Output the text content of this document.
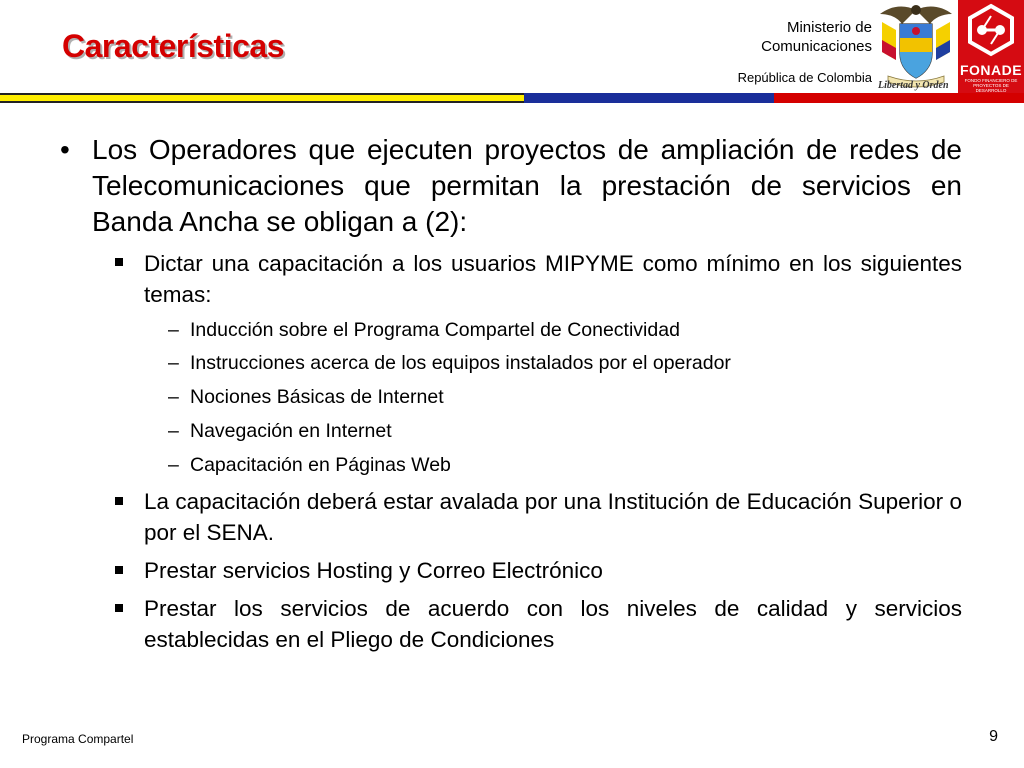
Características
Ministerio de
Comunicaciones
República de Colombia
Libertad y Orden
FONADE
FONDO FINANCIERO DE PROYECTOS DE DESARROLLO
• Los Operadores que ejecuten proyectos de ampliación de redes de Telecomunicaciones que permitan la prestación de servicios en Banda Ancha se obligan a (2):
Dictar una capacitación a los usuarios MIPYME como mínimo en los siguientes temas:
– Inducción sobre el Programa Compartel de Conectividad
– Instrucciones acerca de los equipos instalados por el operador
– Nociones Básicas de Internet
– Navegación en Internet
– Capacitación en Páginas Web
La capacitación deberá estar avalada por una Institución de Educación Superior o por el SENA.
Prestar servicios Hosting y Correo Electrónico
Prestar los servicios de acuerdo con los niveles de calidad y servicios establecidas en el Pliego de Condiciones
Programa Compartel	9
